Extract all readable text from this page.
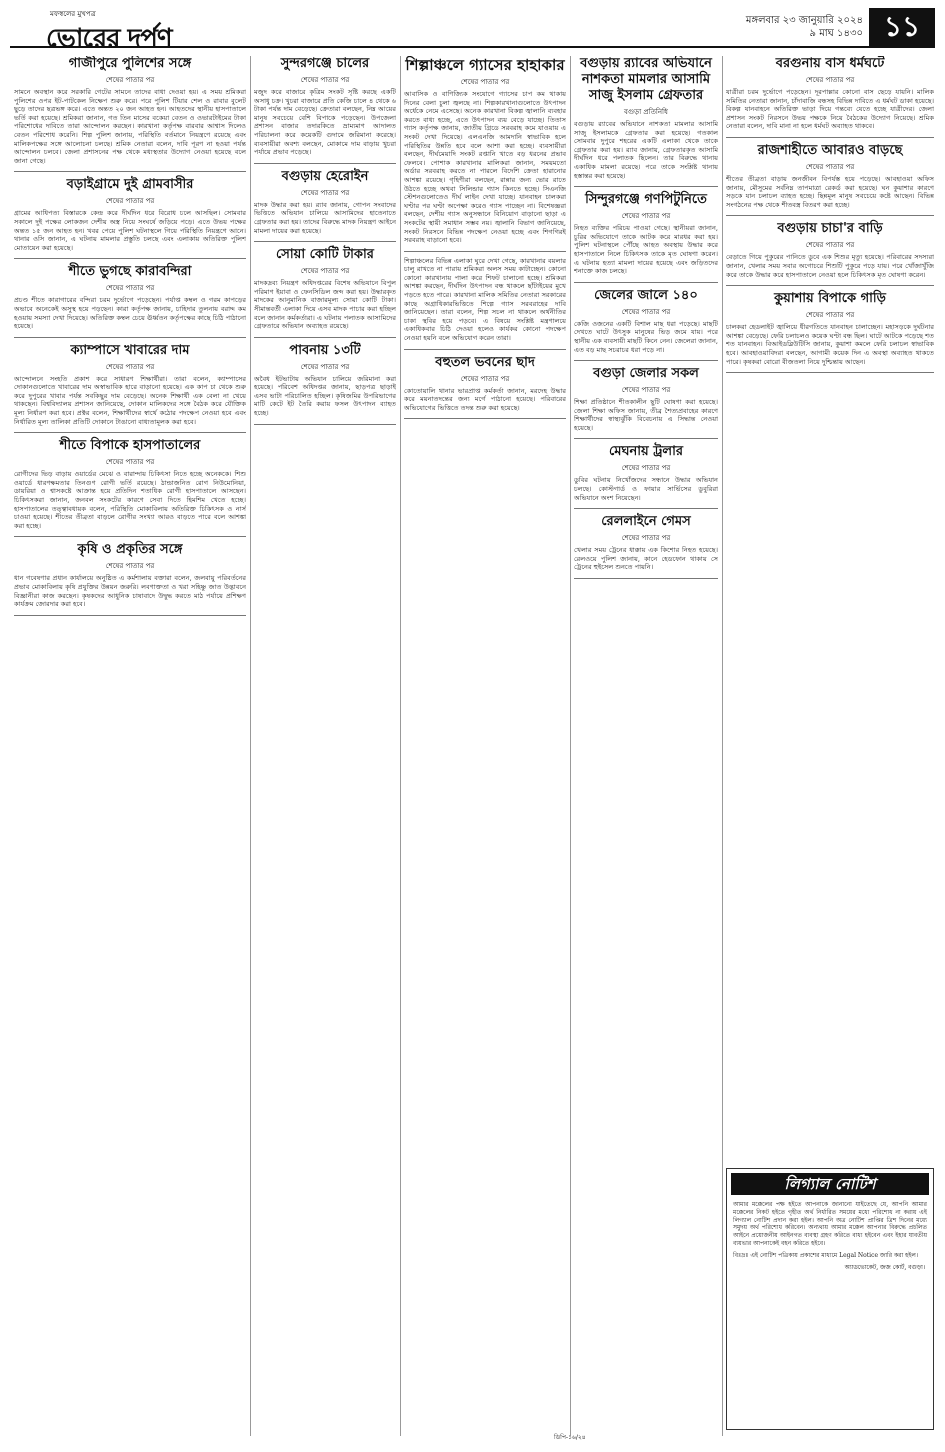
মফস্বলের মুখপত্র
ভোরের দর্পণ
মঙ্গলবার ২৩ জানুয়ারি ২০২৪
৯ মাঘ ১৪৩০ ১১
গাজীপুরে পুলিশের সঙ্গে
শেষের পাতার পর
সামনে অবস্থান করে সরকারি গেটের সামনে তাদের বাধা দেওয়া হয়। এ সময় শ্রমিকরা পুলিশের ওপর ইট-পাটকেল নিক্ষেপ শুরু করে। পরে পুলিশ টিয়ার শেল ও রাবার বুলেট ছুড়ে তাদের ছত্রভঙ্গ করে। এতে অন্তত ২০ জন আহত হন। আহতদের স্থানীয় হাসপাতালে ভর্তি করা হয়েছে। শ্রমিকরা জানান, গত তিন মাসের বকেয়া বেতন ও ওভারটাইমের টাকা পরিশোধের দাবিতে তারা আন্দোলন করছেন। কারখানা কর্তৃপক্ষ বারবার আশ্বাস দিলেও বেতন পরিশোধ করেনি। শিল্প পুলিশ জানায়, পরিস্থিতি বর্তমানে নিয়ন্ত্রণে রয়েছে এবং মালিকপক্ষের সঙ্গে আলোচনা চলছে। শ্রমিক নেতারা বলেন, দাবি পূরণ না হওয়া পর্যন্ত আন্দোলন চলবে। জেলা প্রশাসনের পক্ষ থেকে মধ্যস্থতার উদ্যোগ নেওয়া হয়েছে বলে জানা গেছে।
বড়াইগ্রামে দুই গ্রামবাসীর
শেষের পাতার পর
গ্রামের আধিপত্য বিস্তারকে কেন্দ্র করে দীর্ঘদিন ধরে বিরোধ চলে আসছিল। সোমবার সকালে দুই পক্ষের লোকজন দেশীয় অস্ত্র নিয়ে সংঘর্ষে জড়িয়ে পড়ে। এতে উভয় পক্ষের অন্তত ১৫ জন আহত হন। খবর পেয়ে পুলিশ ঘটনাস্থলে গিয়ে পরিস্থিতি নিয়ন্ত্রণে আনে। থানার ওসি জানান, এ ঘটনায় মামলার প্রস্তুতি চলছে এবং এলাকায় অতিরিক্ত পুলিশ মোতায়েন করা হয়েছে।
শীতে ভুগছে কারাবন্দিরা
শেষের পাতার পর
প্রচণ্ড শীতে কারাগারের বন্দিরা চরম দুর্ভোগে পড়েছেন। পর্যাপ্ত কম্বল ও গরম কাপড়ের অভাবে অনেকেই অসুস্থ হয়ে পড়ছেন। কারা কর্তৃপক্ষ জানায়, চাহিদার তুলনায় বরাদ্দ কম হওয়ায় সমস্যা দেখা দিয়েছে। অতিরিক্ত কম্বল চেয়ে ঊর্ধ্বতন কর্তৃপক্ষের কাছে চিঠি পাঠানো হয়েছে।
ক্যাম্পাসে খাবারের দাম
শেষের পাতার পর
আন্দোলনে সংহতি প্রকাশ করে সাধারণ শিক্ষার্থীরা। তারা বলেন, ক্যাম্পাসের দোকানগুলোতে খাবারের দাম অস্বাভাবিক হারে বাড়ানো হয়েছে। এক কাপ চা থেকে শুরু করে দুপুরের খাবার পর্যন্ত সবকিছুর দাম বেড়েছে। অনেক শিক্ষার্থী এক বেলা না খেয়ে থাকছেন। বিশ্ববিদ্যালয় প্রশাসন জানিয়েছে, দোকান মালিকদের সঙ্গে বৈঠক করে যৌক্তিক মূল্য নির্ধারণ করা হবে। প্রক্টর বলেন, শিক্ষার্থীদের স্বার্থে কঠোর পদক্ষেপ নেওয়া হবে এবং নির্ধারিত মূল্য তালিকা প্রতিটি দোকানে টাঙানো বাধ্যতামূলক করা হবে।
শীতে বিপাকে হাসপাতালের
শেষের পাতার পর
রোগীদের ভিড় বাড়ায় ওয়ার্ডের মেঝে ও বারান্দায় চিকিৎসা নিতে হচ্ছে অনেককে। শিশু ওয়ার্ডে ধারণক্ষমতার তিনগুণ রোগী ভর্তি রয়েছে। ঠান্ডাজনিত রোগ নিউমোনিয়া, ডায়রিয়া ও শ্বাসকষ্টে আক্রান্ত হয়ে প্রতিদিন শতাধিক রোগী হাসপাতালে আসছেন। চিকিৎসকরা জানান, জনবল সংকটের কারণে সেবা দিতে হিমশিম খেতে হচ্ছে। হাসপাতালের তত্ত্বাবধায়ক বলেন, পরিস্থিতি মোকাবিলায় অতিরিক্ত চিকিৎসক ও নার্স চাওয়া হয়েছে। শীতের তীব্রতা বাড়লে রোগীর সংখ্যা আরও বাড়তে পারে বলে আশঙ্কা করা হচ্ছে।
কৃষি ও প্রকৃতির সঙ্গে
শেষের পাতার পর
ধান গবেষণার প্রধান কার্যালয়ে অনুষ্ঠিত এ কর্মশালায় বক্তারা বলেন, জলবায়ু পরিবর্তনের প্রভাব মোকাবিলায় কৃষি প্রযুক্তির উন্নয়ন জরুরি। লবণাক্ততা ও খরা সহিষ্ণু জাত উদ্ভাবনে বিজ্ঞানীরা কাজ করছেন। কৃষকদের আধুনিক চাষাবাদে উদ্বুদ্ধ করতে মাঠ পর্যায়ে প্রশিক্ষণ কার্যক্রম জোরদার করা হবে।
সুন্দরগঞ্জে চালের
শেষের পাতার পর
মজুদ করে বাজারে কৃত্রিম সংকট সৃষ্টি করছে একটি অসাধু চক্র। খুচরা বাজারে প্রতি কেজি চালে ৪ থেকে ৬ টাকা পর্যন্ত দাম বেড়েছে। ক্রেতারা বলছেন, নিম্ন আয়ের মানুষ সবচেয়ে বেশি বিপাকে পড়েছেন। উপজেলা প্রশাসন বাজার তদারকিতে ভ্রাম্যমাণ আদালত পরিচালনা করে কয়েকটি গুদামে জরিমানা করেছে। ব্যবসায়ীরা অবশ্য বলছেন, মোকামে দাম বাড়ায় খুচরা পর্যায়ে প্রভাব পড়েছে।
বগুড়ায় হেরোইন
শেষের পাতার পর
মাদক উদ্ধার করা হয়। র‍্যাব জানায়, গোপন সংবাদের ভিত্তিতে অভিযান চালিয়ে আসামিদের হাতেনাতে গ্রেফতার করা হয়। তাদের বিরুদ্ধে মাদক নিয়ন্ত্রণ আইনে মামলা দায়ের করা হয়েছে।
সোয়া কোটি টাকার
শেষের পাতার পর
মাদকদ্রব্য নিয়ন্ত্রণ অধিদপ্তরের বিশেষ অভিযানে বিপুল পরিমাণ ইয়াবা ও ফেনসিডিল জব্দ করা হয়। উদ্ধারকৃত মাদকের আনুমানিক বাজারমূল্য সোয়া কোটি টাকা। সীমান্তবর্তী এলাকা দিয়ে এসব মাদক পাচার করা হচ্ছিল বলে জানান কর্মকর্তারা। এ ঘটনায় পলাতক আসামিদের গ্রেফতারে অভিযান অব্যাহত রয়েছে।
পাবনায় ১৩টি
শেষের পাতার পর
অবৈধ ইটভাটায় অভিযান চালিয়ে জরিমানা করা হয়েছে। পরিবেশ অধিদপ্তর জানায়, ছাড়পত্র ছাড়াই এসব ভাটা পরিচালিত হচ্ছিল। কৃষিজমির উপরিভাগের মাটি কেটে ইট তৈরি করায় ফসল উৎপাদন ব্যাহত হচ্ছে।
শিল্পাঞ্চলে গ্যাসের হাহাকার
শেষের পাতার পর
আবাসিক ও বাণিজ্যিক সংযোগে গ্যাসের চাপ কম থাকায় দিনের বেলা চুলা জ্বলছে না। শিল্পকারখানাগুলোতে উৎপাদন অর্ধেকে নেমে এসেছে। অনেক কারখানা বিকল্প জ্বালানি ব্যবহার করতে বাধ্য হচ্ছে, এতে উৎপাদন ব্যয় বেড়ে যাচ্ছে। তিতাস গ্যাস কর্তৃপক্ষ জানায়, জাতীয় গ্রিডে সরবরাহ কমে যাওয়ায় এ সংকট দেখা দিয়েছে। এলএনজি আমদানি স্বাভাবিক হলে পরিস্থিতির উন্নতি হবে বলে আশা করা হচ্ছে। ব্যবসায়ীরা বলছেন, দীর্ঘমেয়াদি সংকট রপ্তানি খাতে বড় ধরনের প্রভাব ফেলবে। পোশাক কারখানার মালিকরা জানান, সময়মতো অর্ডার সরবরাহ করতে না পারলে বিদেশি ক্রেতা হারানোর আশঙ্কা রয়েছে। গৃহিণীরা বলছেন, রান্নার জন্য ভোর রাতে উঠতে হচ্ছে অথবা সিলিন্ডার গ্যাস কিনতে হচ্ছে। সিএনজি স্টেশনগুলোতেও দীর্ঘ লাইন দেখা যাচ্ছে। যানবাহন চালকরা ঘণ্টার পর ঘণ্টা অপেক্ষা করেও গ্যাস পাচ্ছেন না। বিশেষজ্ঞরা বলছেন, দেশীয় গ্যাস অনুসন্ধানে বিনিয়োগ বাড়ানো ছাড়া এ সংকটের স্থায়ী সমাধান সম্ভব নয়। জ্বালানি বিভাগ জানিয়েছে, সংকট নিরসনে বিভিন্ন পদক্ষেপ নেওয়া হচ্ছে এবং শিগগিরই সরবরাহ বাড়ানো হবে।
শিল্পাঞ্চলের বিভিন্ন এলাকা ঘুরে দেখা গেছে, কারখানার বয়লার চালু রাখতে না পারায় শ্রমিকরা অলস সময় কাটাচ্ছেন। কোনো কোনো কারখানায় পালা করে শিফট চালানো হচ্ছে। শ্রমিকরা আশঙ্কা করছেন, দীর্ঘদিন উৎপাদন বন্ধ থাকলে ছাঁটাইয়ের মুখে পড়তে হতে পারে। কারখানা মালিক সমিতির নেতারা সরকারের কাছে অগ্রাধিকারভিত্তিতে শিল্পে গ্যাস সরবরাহের দাবি জানিয়েছেন। তারা বলেন, শিল্প সচল না থাকলে অর্থনীতির চাকা স্থবির হয়ে পড়বে। এ বিষয়ে সংশ্লিষ্ট মন্ত্রণালয়ে একাধিকবার চিঠি দেওয়া হলেও কার্যকর কোনো পদক্ষেপ নেওয়া হয়নি বলে অভিযোগ করেন তারা।
বহুতল ভবনের ছাদ
শেষের পাতার পর
কোতোয়ালি থানার ভারপ্রাপ্ত কর্মকর্তা জানান, মরদেহ উদ্ধার করে ময়নাতদন্তের জন্য মর্গে পাঠানো হয়েছে। পরিবারের অভিযোগের ভিত্তিতে তদন্ত শুরু করা হয়েছে।
বগুড়ায় র‍্যাবের অভিযানে নাশকতা মামলার আসামি সাজু ইসলাম গ্রেফতার
বগুড়া প্রতিনিধি
বগুড়ায় র‍্যাবের অভিযানে নাশকতা মামলার আসামি সাজু ইসলামকে গ্রেফতার করা হয়েছে। গতকাল সোমবার দুপুরে শহরের একটি এলাকা থেকে তাকে গ্রেফতার করা হয়। র‍্যাব জানায়, গ্রেফতারকৃত আসামি দীর্ঘদিন ধরে পলাতক ছিলেন। তার বিরুদ্ধে থানায় একাধিক মামলা রয়েছে। পরে তাকে সংশ্লিষ্ট থানায় হস্তান্তর করা হয়েছে।
সিন্দুরগঞ্জে গণপিটুনিতে
শেষের পাতার পর
নিহত ব্যক্তির পরিচয় পাওয়া গেছে। স্থানীয়রা জানান, চুরির অভিযোগে তাকে আটক করে মারধর করা হয়। পুলিশ ঘটনাস্থলে পৌঁছে আহত অবস্থায় উদ্ধার করে হাসপাতালে নিলে চিকিৎসক তাকে মৃত ঘোষণা করেন। এ ঘটনায় হত্যা মামলা দায়ের হয়েছে এবং জড়িতদের শনাক্তে কাজ চলছে।
জেলের জালে ১৪০
শেষের পাতার পর
কেজি ওজনের একটি বিশাল মাছ ধরা পড়েছে। মাছটি দেখতে ঘাটে উৎসুক মানুষের ভিড় জমে যায়। পরে স্থানীয় এক ব্যবসায়ী মাছটি কিনে নেন। জেলেরা জানান, এত বড় মাছ সচরাচর ধরা পড়ে না।
বগুড়া জেলার সকল
শেষের পাতার পর
শিক্ষা প্রতিষ্ঠানে শীতকালীন ছুটি ঘোষণা করা হয়েছে। জেলা শিক্ষা অফিস জানায়, তীব্র শৈত্যপ্রবাহের কারণে শিক্ষার্থীদের স্বাস্থ্যঝুঁকি বিবেচনায় এ সিদ্ধান্ত নেওয়া হয়েছে।
মেঘনায় ট্রলার
শেষের পাতার পর
ডুবির ঘটনায় নিখোঁজদের সন্ধানে উদ্ধার অভিযান চলছে। কোস্টগার্ড ও ফায়ার সার্ভিসের ডুবুরিরা অভিযানে অংশ নিয়েছেন।
রেললাইনে গেমস
শেষের পাতার পর
খেলার সময় ট্রেনের ধাক্কায় এক কিশোর নিহত হয়েছে। রেলওয়ে পুলিশ জানায়, কানে হেডফোন থাকায় সে ট্রেনের হুইসেল শুনতে পায়নি।
বরগুনায় বাস ধর্মঘটে
শেষের পাতার পর
যাত্রীরা চরম দুর্ভোগে পড়েছেন। দূরপাল্লার কোনো বাস ছেড়ে যায়নি। মালিক সমিতির নেতারা জানান, চাঁদাবাজি বন্ধসহ বিভিন্ন দাবিতে এ ধর্মঘট ডাকা হয়েছে। বিকল্প যানবাহনে অতিরিক্ত ভাড়া দিয়ে গন্তব্যে যেতে হচ্ছে যাত্রীদের। জেলা প্রশাসন সংকট নিরসনে উভয় পক্ষকে নিয়ে বৈঠকের উদ্যোগ নিয়েছে। শ্রমিক নেতারা বলেন, দাবি মানা না হলে ধর্মঘট অব্যাহত থাকবে।
রাজশাহীতে আবারও বাড়ছে
শেষের পাতার পর
শীতের তীব্রতা বাড়ায় জনজীবন বিপর্যস্ত হয়ে পড়েছে। আবহাওয়া অফিস জানায়, মৌসুমের সর্বনিম্ন তাপমাত্রা রেকর্ড করা হয়েছে। ঘন কুয়াশার কারণে সড়কে যান চলাচল ব্যাহত হচ্ছে। ছিন্নমূল মানুষ সবচেয়ে কষ্টে আছেন। বিভিন্ন সংগঠনের পক্ষ থেকে শীতবস্ত্র বিতরণ করা হচ্ছে।
বগুড়ায় চাচা'র বাড়ি
শেষের পাতার পর
বেড়াতে গিয়ে পুকুরের পানিতে ডুবে এক শিশুর মৃত্যু হয়েছে। পরিবারের সদস্যরা জানান, খেলার সময় সবার অগোচরে শিশুটি পুকুরে পড়ে যায়। পরে খোঁজাখুঁজি করে তাকে উদ্ধার করে হাসপাতালে নেওয়া হলে চিকিৎসক মৃত ঘোষণা করেন।
কুয়াশায় বিপাকে গাড়ি
শেষের পাতার পর
চালকরা হেডলাইট জ্বালিয়ে ধীরগতিতে যানবাহন চালাচ্ছেন। মহাসড়কে দুর্ঘটনার আশঙ্কা বেড়েছে। ফেরি চলাচলও কয়েক ঘণ্টা বন্ধ ছিল। ঘাটে আটকে পড়েছে শত শত যানবাহন। বিআইডব্লিউটিসি জানায়, কুয়াশা কমলে ফেরি চলাচল স্বাভাবিক হবে। আবহাওয়াবিদরা বলছেন, আগামী কয়েক দিন এ অবস্থা অব্যাহত থাকতে পারে। কৃষকরা বোরো বীজতলা নিয়ে দুশ্চিন্তায় আছেন।
লিগ্যাল নোটিশ
আমার মক্কেলের পক্ষ হইতে আপনাকে জানানো যাইতেছে যে, আপনি আমার মক্কেলের নিকট হইতে গৃহীত অর্থ নির্ধারিত সময়ের মধ্যে পরিশোধ না করায় এই লিগ্যাল নোটিশ প্রদান করা হইল। আপনি অত্র নোটিশ প্রাপ্তির ত্রিশ দিনের মধ্যে সমুদয় অর্থ পরিশোধ করিবেন। অন্যথায় আমার মক্কেল আপনার বিরুদ্ধে প্রচলিত আইনে প্রয়োজনীয় আইনগত ব্যবস্থা গ্রহণ করিতে বাধ্য হইবেন এবং ইহার যাবতীয় ব্যয়ভার আপনাকেই বহন করিতে হইবে।
বিঃদ্রঃ এই নোটিশ পত্রিকায় প্রকাশের মাধ্যমে Legal Notice জারি করা হইল।
অ্যাডভোকেট, জজ কোর্ট, বগুড়া।
ডিপি-১৬/২৪
